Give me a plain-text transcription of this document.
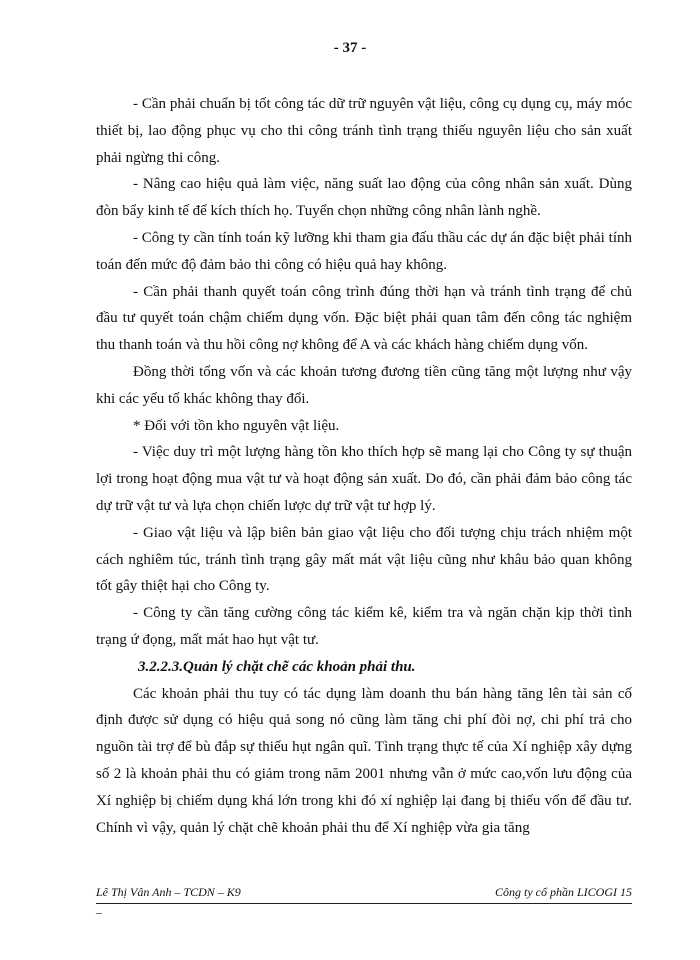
- 37 -

- Cần phải chuẩn bị tốt công tác dữ trữ nguyên vật liệu, công cụ dụng cụ, máy móc thiết bị, lao động phục vụ cho thi công tránh tình trạng thiếu nguyên liệu cho sản xuất phải ngừng thi công.

- Nâng cao hiệu quả làm việc, năng suất lao động của công nhân sản xuất. Dùng đòn bẩy kinh tế để kích thích họ. Tuyển chọn những công nhân lành nghề.

- Công ty cần tính toán kỹ lưỡng khi tham gia đấu thầu các dự án đặc biệt phải tính toán đến mức độ đảm bảo thi công có hiệu quả hay không.

- Cần phải thanh quyết toán công trình đúng thời hạn và tránh tình trạng để chủ đầu tư quyết toán chậm chiếm dụng vốn. Đặc biệt phải quan tâm đến công tác nghiệm thu thanh toán và thu hồi công nợ không để A và các khách hàng chiếm dụng vốn.

Đồng thời tổng vốn và các khoản tương đương tiền cũng tăng một lượng như vậy khi các yếu tố khác không thay đổi.

* Đối với tồn kho nguyên vật liệu.

- Việc duy trì một lượng hàng tồn kho thích hợp sẽ mang lại cho Công ty sự thuận lợi trong hoạt động mua vật tư và hoạt động sản xuất. Do đó, cần phải đảm bảo công tác dự trữ vật tư và lựa chọn chiến lược dự trữ vật tư hợp lý.

- Giao vật liệu và lập biên bản giao vật liệu cho đối tượng chịu trách nhiệm một cách nghiêm túc, tránh tình trạng gây mất mát vật liệu cũng như khâu bảo quan không tốt gây thiệt hại cho Công ty.

- Công ty cần tăng cường công tác kiểm kê, kiểm tra và ngăn chặn kịp thời tình trạng ứ đọng, mất mát hao hụt vật tư.

3.2.2.3.Quản lý chặt chẽ các khoản phải thu.

Các khoản phải thu tuy có tác dụng làm doanh thu bán hàng tăng lên tài sản cố định được sử dụng có hiệu quả song nó cũng làm tăng chi phí đòi nợ, chi phí trả cho nguồn tài trợ để bù đắp sự thiếu hụt ngân quĩ. Tình trạng thực tế của Xí nghiệp xây dựng số 2 là khoản phải thu có giảm trong năm 2001 nhưng vẫn ở mức cao,vốn lưu động của Xí nghiệp bị chiếm dụng khá lớn trong khi đó xí nghiệp lại đang bị thiếu vốn để đầu tư. Chính vì vậy, quản lý chặt chẽ khoản phải thu để Xí nghiệp vừa gia tăng

Lê Thị Vân Anh – TCDN – K9	Công ty cổ phần LICOGI 15
–
